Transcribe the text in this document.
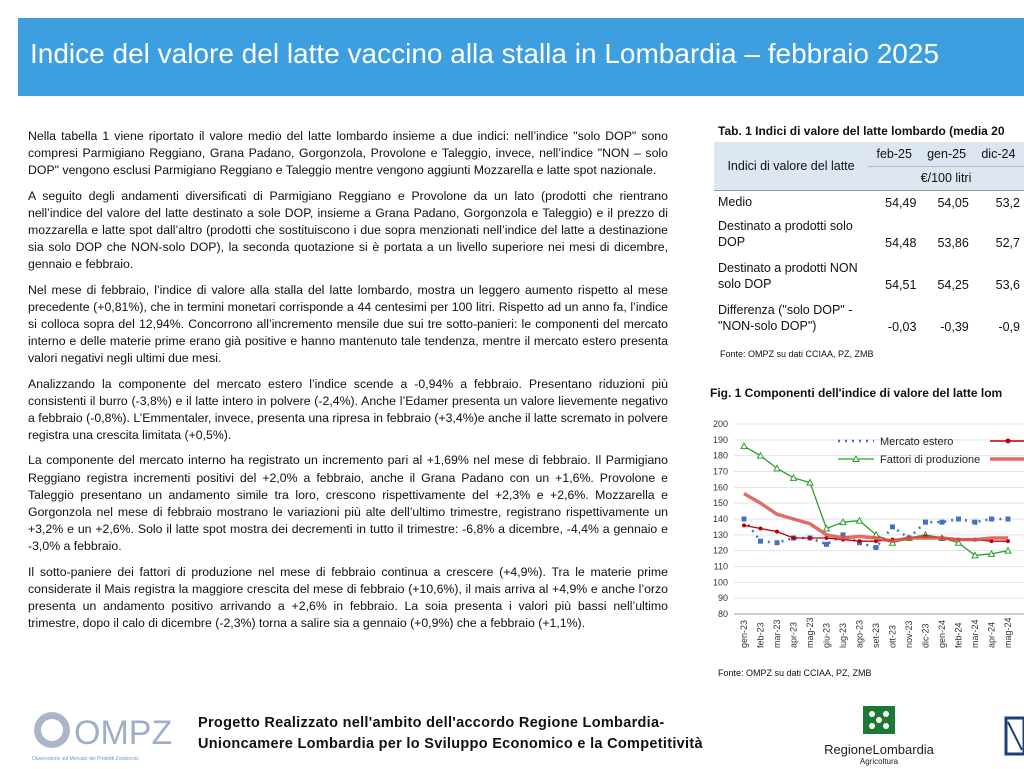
Indice del valore del latte vaccino alla stalla in Lombardia – febbraio 2025

Nella tabella 1 viene riportato il valore medio del latte lombardo insieme a due indici: nell’indice "solo DOP" sono compresi Parmigiano Reggiano, Grana Padano, Gorgonzola, Provolone e Taleggio, invece, nell’indice "NON – solo DOP" vengono esclusi Parmigiano Reggiano e Taleggio mentre vengono aggiunti Mozzarella e latte spot nazionale.

A seguito degli andamenti diversificati di Parmigiano Reggiano e Provolone da un lato (prodotti che rientrano nell’indice del valore del latte destinato a sole DOP, insieme a Grana Padano, Gorgonzola e Taleggio) e il prezzo di mozzarella e latte spot dall’altro (prodotti che sostituiscono i due sopra menzionati nell’indice del latte a destinazione sia solo DOP che NON-solo DOP), la seconda quotazione si è portata a un livello superiore nei mesi di dicembre, gennaio e febbraio.

Nel mese di febbraio, l’indice di valore alla stalla del latte lombardo, mostra un leggero aumento rispetto al mese precedente (+0,81%), che in termini monetari corrisponde a 44 centesimi per 100 litri. Rispetto ad un anno fa, l’indice si colloca sopra del 12,94%. Concorrono all’incremento mensile due sui tre sotto-panieri: le componenti del mercato interno e delle materie prime erano già positive e hanno mantenuto tale tendenza, mentre il mercato estero presenta valori negativi negli ultimi due mesi.

Analizzando la componente del mercato estero l’indice scende a -0,94% a febbraio. Presentano riduzioni più consistenti il burro (-3,8%) e il latte intero in polvere (-2,4%). Anche l’Edamer presenta un valore lievemente negativo a febbraio (-0,8%). L’Emmentaler, invece, presenta una ripresa in febbraio (+3,4%)e anche il latte scremato in polvere registra una crescita limitata (+0,5%).

La componente del mercato interno ha registrato un incremento pari al +1,69% nel mese di febbraio. Il Parmigiano Reggiano registra incrementi positivi del +2,0% a febbraio, anche il Grana Padano con un +1,6%. Provolone e Taleggio presentano un andamento simile tra loro, crescono rispettivamente del +2,3% e +2,6%. Mozzarella e Gorgonzola nel mese di febbraio mostrano le variazioni più alte dell’ultimo trimestre, registrano rispettivamente un +3,2% e un +2,6%. Solo il latte spot mostra dei decrementi in tutto il trimestre: -6,8% a dicembre, -4,4% a gennaio e -3,0% a febbraio.

Il sotto-paniere dei fattori di produzione nel mese di febbraio continua a crescere (+4,9%). Tra le materie prime considerate il Mais registra la maggiore crescita del mese di febbraio (+10,6%), il mais arriva al +4,9% e anche l’orzo presenta un andamento positivo arrivando a +2,6% in febbraio. La soia presenta i valori più bassi nell’ultimo trimestre, dopo il calo di dicembre (-2,3%) torna a salire sia a gennaio (+0,9%) che a febbraio (+1,1%).

Tab. 1 Indici di valore del latte lombardo (media 20
Indici di valore del latte	feb-25	gen-25	dic-24
	€/100 litri		
Medio	54,49	54,05	53,2
Destinato a prodotti solo DOP	54,48	53,86	52,7
Destinato a prodotti NON solo DOP	54,51	54,25	53,6
Differenza ("solo DOP" - "NON-solo DOP")	-0,03	-0,39	-0,9
Fonte: OMPZ su dati CCIAA, PZ, ZMB
Fig. 1 Componenti dell'indice di valore del latte lom
80
90
100
110
120
130
140
150
160
170
180
190
200
gen-23 feb-23 mar-23 apr-23 mag-23 giu-23 lug-23 ago-23 set-23 ott-23 nov-23 dic-23 gen-24 feb-24 mar-24 apr-24 mag-24
Mercato estero
Fattori di produzione
Fonte: OMPZ su dati CCIAA, PZ, ZMB
OMPZ
Osservatorio sul Mercato dei Prodotti Zootecnici
Progetto Realizzato nell'ambito dell'accordo Regione Lombardia-
Unioncamere Lombardia per lo Sviluppo Economico e la Competitività	RegioneLombardia
Agricoltura
